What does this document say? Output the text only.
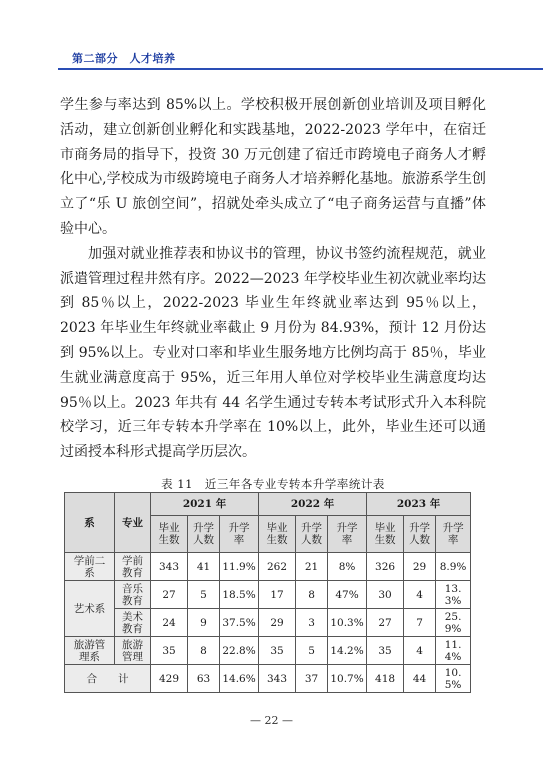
第二部分　人才培养

学生参与率达到 85%以上。学校积极开展创新创业培训及项目孵化活动，建立创新创业孵化和实践基地，2022-2023 学年中，在宿迁市商务局的指导下，投资 30 万元创建了宿迁市跨境电子商务人才孵化中心,学校成为市级跨境电子商务人才培养孵化基地。旅游系学生创立了“乐 U 旅创空间”，招就处牵头成立了“电子商务运营与直播”体验中心。

加强对就业推荐表和协议书的管理，协议书签约流程规范，就业派遣管理过程井然有序。2022—2023 年学校毕业生初次就业率均达到 85％以上，2022-2023 毕业生年终就业率达到 95％以上，2023 年毕业生年终就业率截止 9 月份为 84.93%，预计 12 月份达到 95%以上。专业对口率和毕业生服务地方比例均高于 85％，毕业生就业满意度高于 95%，近三年用人单位对学校毕业生满意度均达 95％以上。2023 年共有 44 名学生通过专转本考试形式升入本科院校学习，近三年专转本升学率在 10%以上，此外，毕业生还可以通过函授本科形式提高学历层次。

表 11　近三年各专业专转本升学率统计表
系	专业	2021 年			2022 年			2023 年		
		毕业生数	升学人数	升学率	毕业生数	升学人数	升学率	毕业生数	升学人数	升学率
学前二系	学前教育	343	41	11.9%	262	21	8%	326	29	8.9%
艺术系	音乐教育	27	5	18.5%	17	8	47%	30	4	13.3%
	美术教育	24	9	37.5%	29	3	10.3%	27	7	25.9%
旅游管理系	旅游管理	35	8	22.8%	35	5	14.2%	35	4	11.4%
合　　计		429	63	14.6%	343	37	10.7%	418	44	10.5%
— 22 —
